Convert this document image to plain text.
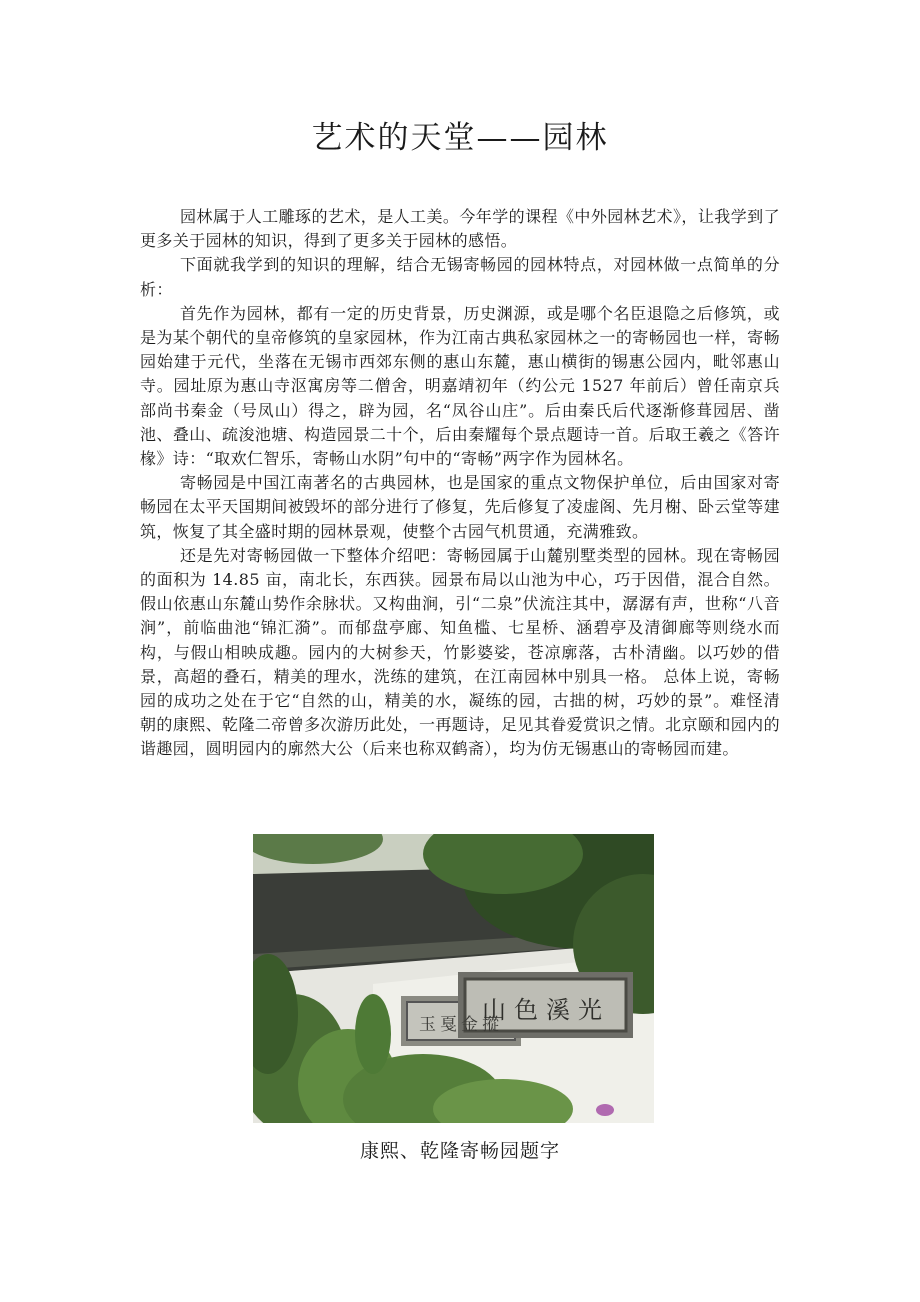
艺术的天堂——园林

园林属于人工雕琢的艺术，是人工美。今年学的课程《中外园林艺术》，让我学到了更多关于园林的知识，得到了更多关于园林的感悟。

下面就我学到的知识的理解，结合无锡寄畅园的园林特点，对园林做一点简单的分析：

首先作为园林，都有一定的历史背景，历史渊源，或是哪个名臣退隐之后修筑，或是为某个朝代的皇帝修筑的皇家园林，作为江南古典私家园林之一的寄畅园也一样，寄畅园始建于元代，坐落在无锡市西郊东侧的惠山东麓，惠山横街的锡惠公园内，毗邻惠山寺。园址原为惠山寺沤寓房等二僧舍，明嘉靖初年（约公元 1527 年前后）曾任南京兵部尚书秦金（号凤山）得之，辟为园，名“凤谷山庄”。后由秦氏后代逐渐修葺园居、凿池、叠山、疏浚池塘、构造园景二十个，后由秦耀每个景点题诗一首。后取王羲之《答许椽》诗：“取欢仁智乐，寄畅山水阴”句中的“寄畅”两字作为园林名。

寄畅园是中国江南著名的古典园林，也是国家的重点文物保护单位，后由国家对寄畅园在太平天国期间被毁坏的部分进行了修复，先后修复了凌虚阁、先月榭、卧云堂等建筑，恢复了其全盛时期的园林景观，使整个古园气机贯通，充满雅致。

还是先对寄畅园做一下整体介绍吧：寄畅园属于山麓别墅类型的园林。现在寄畅园的面积为 14.85 亩，南北长，东西狭。园景布局以山池为中心，巧于因借，混合自然。假山依惠山东麓山势作余脉状。又构曲涧，引“二泉”伏流注其中，潺潺有声，世称“八音涧”，前临曲池“锦汇漪”。而郁盘亭廊、知鱼槛、七星桥、涵碧亭及清御廊等则绕水而构，与假山相映成趣。园内的大树参天，竹影婆娑，苍凉廓落，古朴清幽。以巧妙的借景，高超的叠石，精美的理水，洗练的建筑，在江南园林中别具一格。 总体上说，寄畅园的成功之处在于它“自然的山，精美的水，凝练的园，古拙的树，巧妙的景”。难怪清朝的康熙、乾隆二帝曾多次游历此处，一再题诗，足见其眷爱赏识之情。北京颐和园内的谐趣园，圆明园内的廓然大公（后来也称双鹤斋），均为仿无锡惠山的寄畅园而建。

玉戛金摐
山色溪光
康熙、乾隆寄畅园题字
